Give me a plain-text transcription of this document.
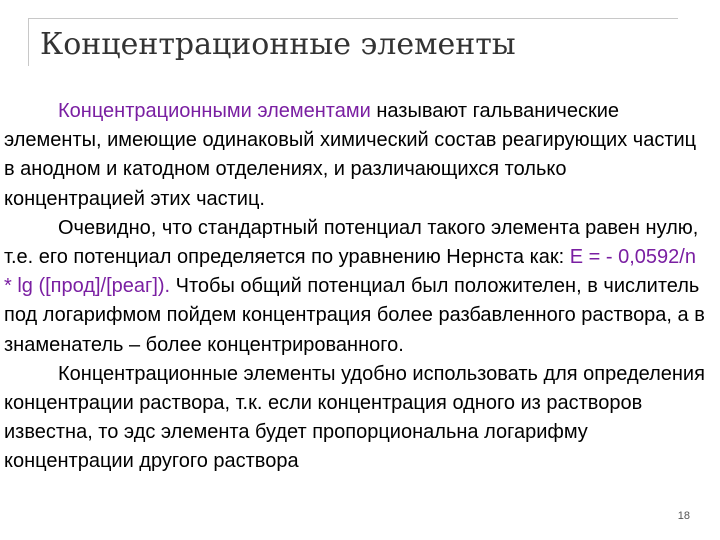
Концентрационные элементы

Концентрационными элементами называют гальванические элементы, имеющие одинаковый химический состав реагирующих частиц в анодном и катодном отделениях, и различающихся только концентрацией этих частиц.

Очевидно, что стандартный потенциал такого элемента равен нулю, т.е. его потенциал определяется по уравнению Нернста как: E = - 0,0592/n * lg ([прод]/[реаг]). Чтобы общий потенциал был положителен, в числитель под логарифмом пойдем концентрация более разбавленного раствора, а в знаменатель – более концентрированного.

Концентрационные элементы удобно использовать для определения концентрации раствора, т.к. если концентрация одного из растворов известна, то эдс элемента будет пропорциональна логарифму концентрации другого раствора

18
